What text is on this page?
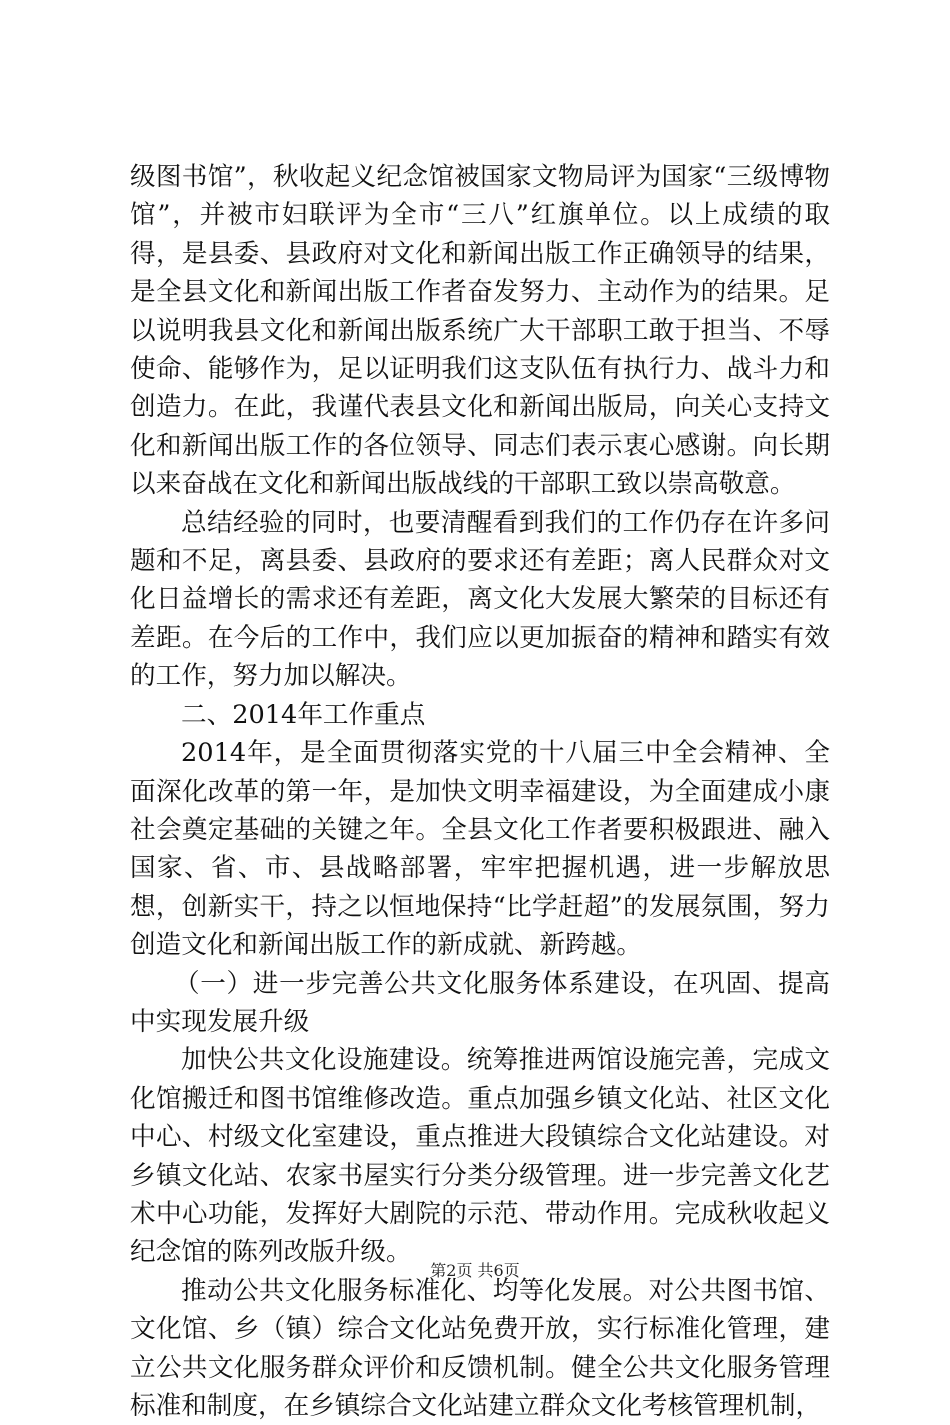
级图书馆”，秋收起义纪念馆被国家文物局评为国家“三级博物馆”，并被市妇联评为全市“三八”红旗单位。以上成绩的取得，是县委、县政府对文化和新闻出版工作正确领导的结果，是全县文化和新闻出版工作者奋发努力、主动作为的结果。足以说明我县文化和新闻出版系统广大干部职工敢于担当、不辱使命、能够作为，足以证明我们这支队伍有执行力、战斗力和创造力。在此，我谨代表县文化和新闻出版局，向关心支持文化和新闻出版工作的各位领导、同志们表示衷心感谢。向长期以来奋战在文化和新闻出版战线的干部职工致以崇高敬意。

总结经验的同时，也要清醒看到我们的工作仍存在许多问题和不足，离县委、县政府的要求还有差距；离人民群众对文化日益增长的需求还有差距，离文化大发展大繁荣的目标还有差距。在今后的工作中，我们应以更加振奋的精神和踏实有效的工作，努力加以解决。

二、2014年工作重点

2014年，是全面贯彻落实党的十八届三中全会精神、全面深化改革的第一年，是加快文明幸福建设，为全面建成小康社会奠定基础的关键之年。全县文化工作者要积极跟进、融入国家、省、市、县战略部署，牢牢把握机遇，进一步解放思想，创新实干，持之以恒地保持“比学赶超”的发展氛围，努力创造文化和新闻出版工作的新成就、新跨越。

（一）进一步完善公共文化服务体系建设，在巩固、提高中实现发展升级

加快公共文化设施建设。统筹推进两馆设施完善，完成文化馆搬迁和图书馆维修改造。重点加强乡镇文化站、社区文化中心、村级文化室建设，重点推进大段镇综合文化站建设。对乡镇文化站、农家书屋实行分类分级管理。进一步完善文化艺术中心功能，发挥好大剧院的示范、带动作用。完成秋收起义纪念馆的陈列改版升级。

推动公共文化服务标准化、均等化发展。对公共图书馆、文化馆、乡（镇）综合文化站免费开放，实行标准化管理，建立公共文化服务群众评价和反馈机制。健全公共文化服务管理标准和制度，在乡镇综合文化站建立群众文化考核管理机制，

第2页 共6页
